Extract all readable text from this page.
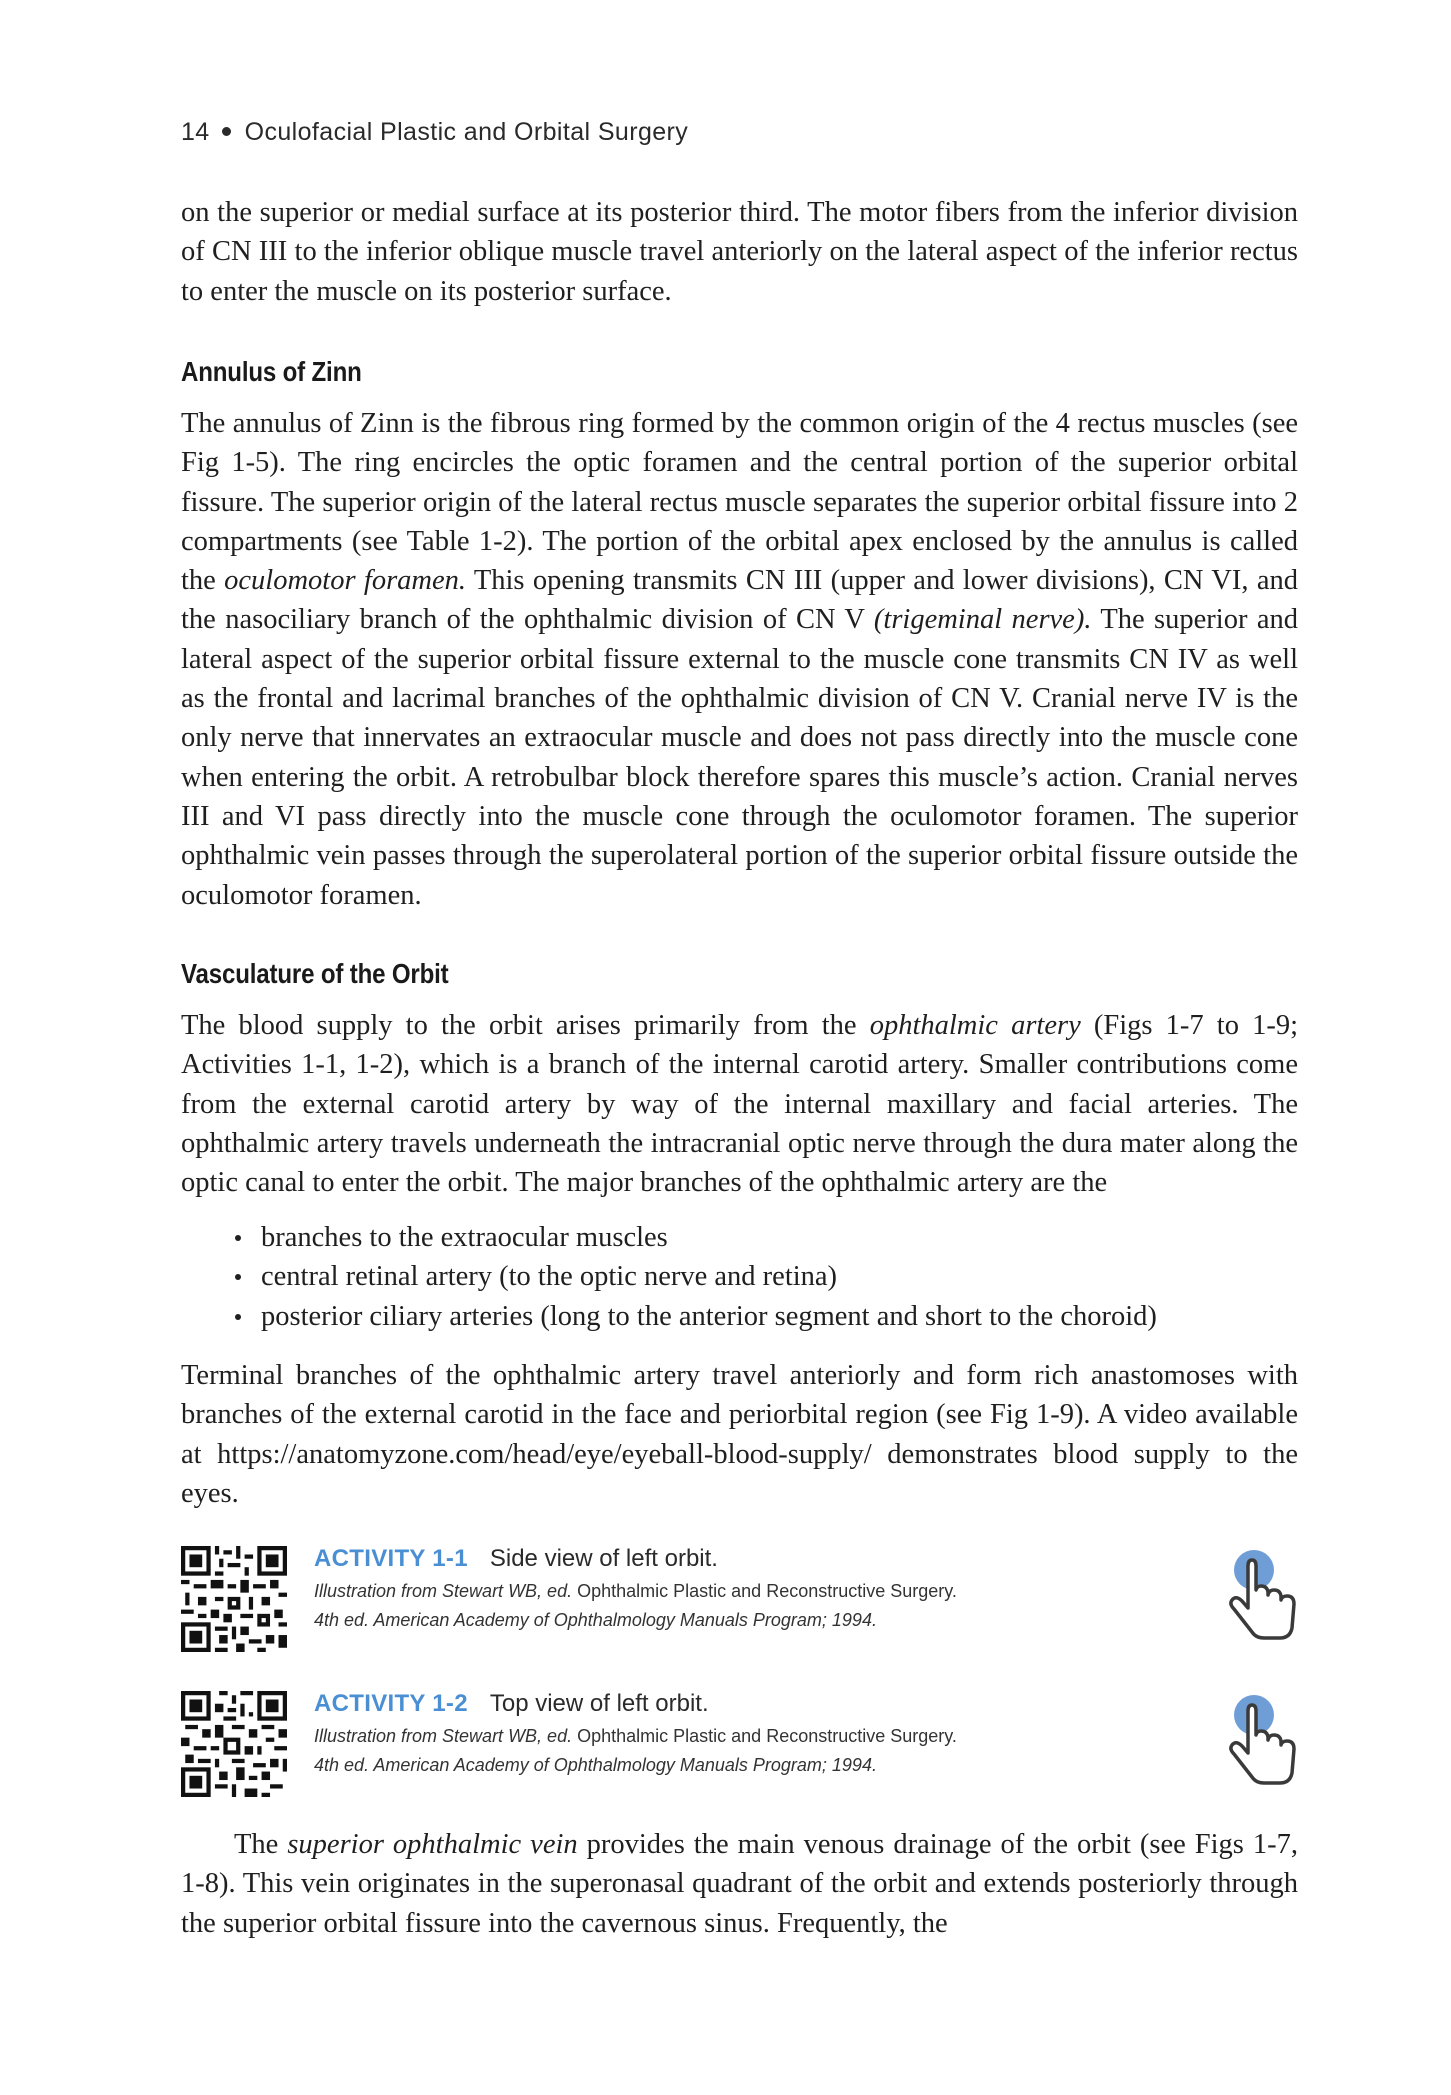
14 Oculofacial Plastic and Orbital Surgery
on the superior or medial surface at its posterior third. The motor fibers from the inferior division of CN III to the inferior oblique muscle travel anteriorly on the lateral aspect of the inferior rectus to enter the muscle on its posterior surface.
Annulus of Zinn
The annulus of Zinn is the fibrous ring formed by the common origin of the 4 rectus muscles (see Fig 1-5). The ring encircles the optic foramen and the central portion of the superior orbital fissure. The superior origin of the lateral rectus muscle separates the superior orbital fissure into 2 compartments (see Table 1-2). The portion of the orbital apex enclosed by the annulus is called the oculomotor foramen. This opening transmits CN III (upper and lower divisions), CN VI, and the nasociliary branch of the ophthalmic division of CN V (trigeminal nerve). The superior and lateral aspect of the superior orbital fissure external to the muscle cone transmits CN IV as well as the frontal and lacrimal branches of the ophthalmic division of CN V. Cranial nerve IV is the only nerve that innervates an extraocular muscle and does not pass directly into the muscle cone when entering the orbit. A retrobulbar block therefore spares this muscle’s action. Cranial nerves III and VI pass directly into the muscle cone through the oculomotor foramen. The superior ophthalmic vein passes through the superolateral portion of the superior orbital fissure outside the oculomotor foramen.
Vasculature of the Orbit
The blood supply to the orbit arises primarily from the ophthalmic artery (Figs 1-7 to 1-9; Activities 1-1, 1-2), which is a branch of the internal carotid artery. Smaller contributions come from the external carotid artery by way of the internal maxillary and facial arteries. The ophthalmic artery travels underneath the intracranial optic nerve through the dura mater along the optic canal to enter the orbit. The major branches of the ophthalmic artery are the
branches to the extraocular muscles
central retinal artery (to the optic nerve and retina)
posterior ciliary arteries (long to the anterior segment and short to the choroid)
Terminal branches of the ophthalmic artery travel anteriorly and form rich anastomoses with branches of the external carotid in the face and periorbital region (see Fig 1-9). A video available at https://anatomyzone.com/head/eye/eyeball-blood-supply/ demonstrates blood supply to the eyes.
ACTIVITY 1-1 Side view of left orbit.
Illustration from Stewart WB, ed. Ophthalmic Plastic and Reconstructive Surgery.
4th ed. American Academy of Ophthalmology Manuals Program; 1994.
ACTIVITY 1-2 Top view of left orbit.
Illustration from Stewart WB, ed. Ophthalmic Plastic and Reconstructive Surgery.
4th ed. American Academy of Ophthalmology Manuals Program; 1994.
The superior ophthalmic vein provides the main venous drainage of the orbit (see Figs 1-7, 1-8). This vein originates in the superonasal quadrant of the orbit and extends posteriorly through the superior orbital fissure into the cavernous sinus. Frequently, the
